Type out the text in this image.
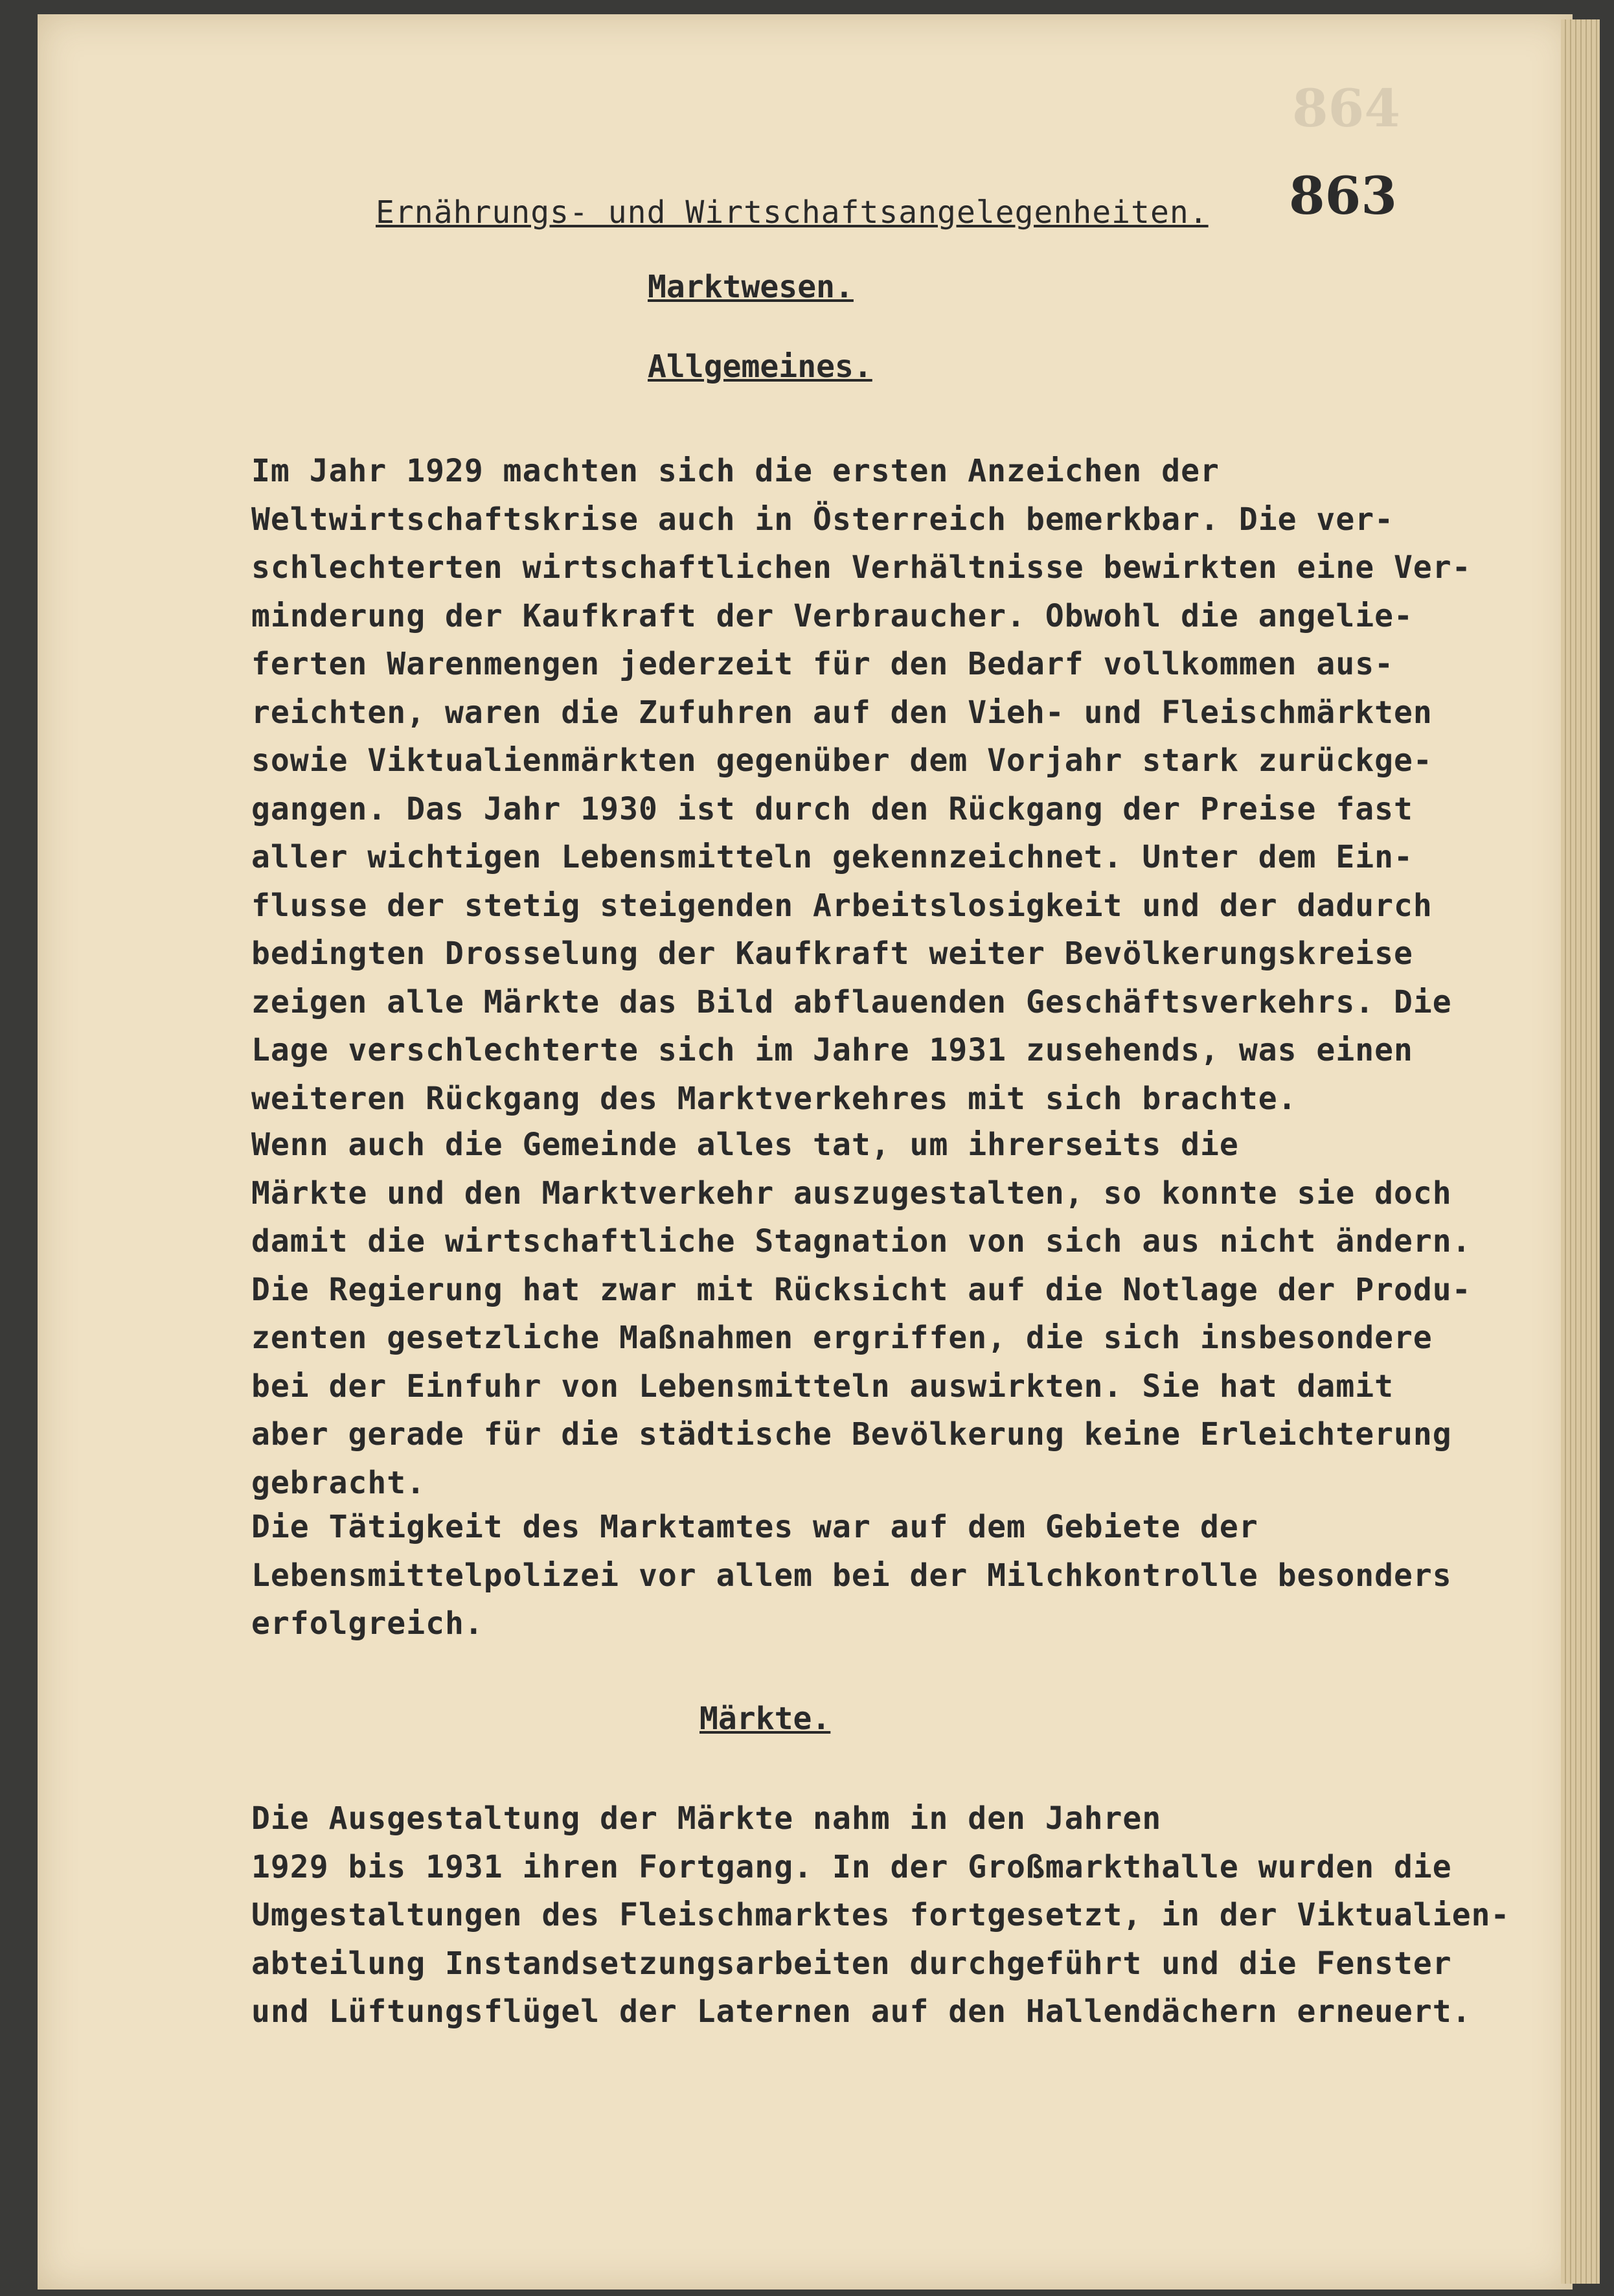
864
863
Ernährungs- und Wirtschaftsangelegenheiten.
Marktwesen.
Allgemeines.
Im Jahr 1929 machten sich die ersten Anzeichen der
Weltwirtschaftskrise auch in Österreich bemerkbar. Die ver-
schlechterten wirtschaftlichen Verhältnisse bewirkten eine Ver-
minderung der Kaufkraft der Verbraucher. Obwohl die angelie-
ferten Warenmengen jederzeit für den Bedarf vollkommen aus-
reichten, waren die Zufuhren auf den Vieh- und Fleischmärkten
sowie Viktualienmärkten gegenüber dem Vorjahr stark zurückge-
gangen. Das Jahr 1930 ist durch den Rückgang der Preise fast
aller wichtigen Lebensmitteln gekennzeichnet. Unter dem Ein-
flusse der stetig steigenden Arbeitslosigkeit und der dadurch
bedingten Drosselung der Kaufkraft weiter Bevölkerungskreise
zeigen alle Märkte das Bild abflauenden Geschäftsverkehrs. Die
Lage verschlechterte sich im Jahre 1931 zusehends, was einen
weiteren Rückgang des Marktverkehres mit sich brachte.
Wenn auch die Gemeinde alles tat, um ihrerseits die
Märkte und den Marktverkehr auszugestalten, so konnte sie doch
damit die wirtschaftliche Stagnation von sich aus nicht ändern.
Die Regierung hat zwar mit Rücksicht auf die Notlage der Produ-
zenten gesetzliche Maßnahmen ergriffen, die sich insbesondere
bei der Einfuhr von Lebensmitteln auswirkten. Sie hat damit
aber gerade für die städtische Bevölkerung keine Erleichterung
gebracht.
Die Tätigkeit des Marktamtes war auf dem Gebiete der
Lebensmittelpolizei vor allem bei der Milchkontrolle besonders
erfolgreich.
Märkte.
Die Ausgestaltung der Märkte nahm in den Jahren
1929 bis 1931 ihren Fortgang. In der Großmarkthalle wurden die
Umgestaltungen des Fleischmarktes fortgesetzt, in der Viktualien-
abteilung Instandsetzungsarbeiten durchgeführt und die Fenster
und Lüftungsflügel der Laternen auf den Hallendächern erneuert.
